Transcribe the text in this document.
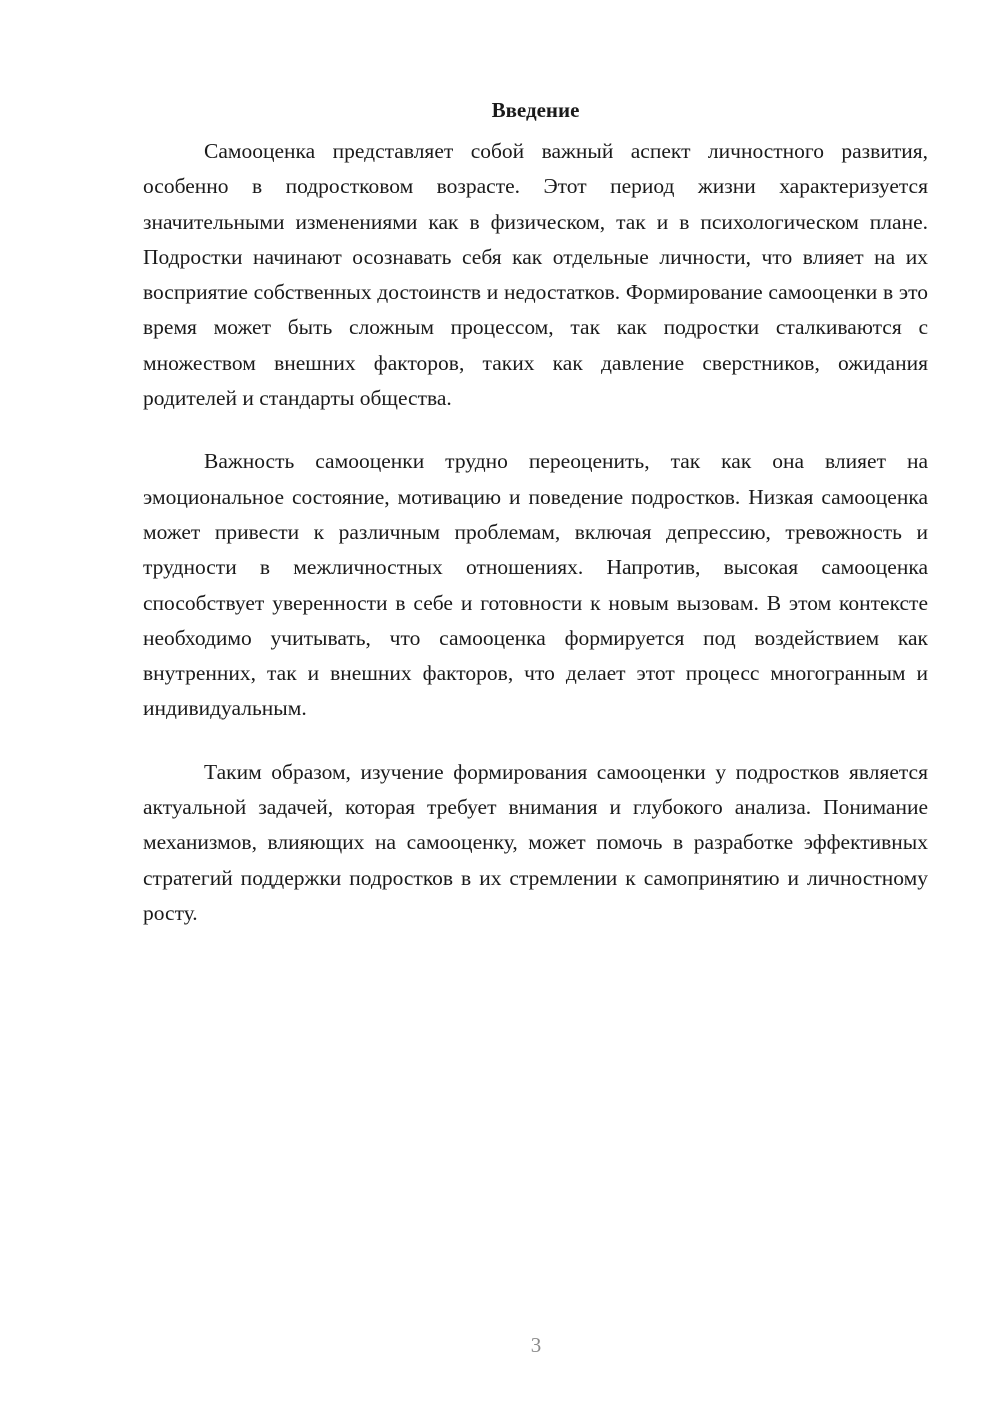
Введение

Самооценка представляет собой важный аспект личностного развития, особенно в подростковом возрасте. Этот период жизни характеризуется значительными изменениями как в физическом, так и в психологическом плане. Подростки начинают осознавать себя как отдельные личности, что влияет на их восприятие собственных достоинств и недостатков. Формирование самооценки в это время может быть сложным процессом, так как подростки сталкиваются с множеством внешних факторов, таких как давление сверстников, ожидания родителей и стандарты общества.

Важность самооценки трудно переоценить, так как она влияет на эмоциональное состояние, мотивацию и поведение подростков. Низкая самооценка может привести к различным проблемам, включая депрессию, тревожность и трудности в межличностных отношениях. Напротив, высокая самооценка способствует уверенности в себе и готовности к новым вызовам. В этом контексте необходимо учитывать, что самооценка формируется под воздействием как внутренних, так и внешних факторов, что делает этот процесс многогранным и индивидуальным.

Таким образом, изучение формирования самооценки у подростков является актуальной задачей, которая требует внимания и глубокого анализа. Понимание механизмов, влияющих на самооценку, может помочь в разработке эффективных стратегий поддержки подростков в их стремлении к самопринятию и личностному росту.

3
